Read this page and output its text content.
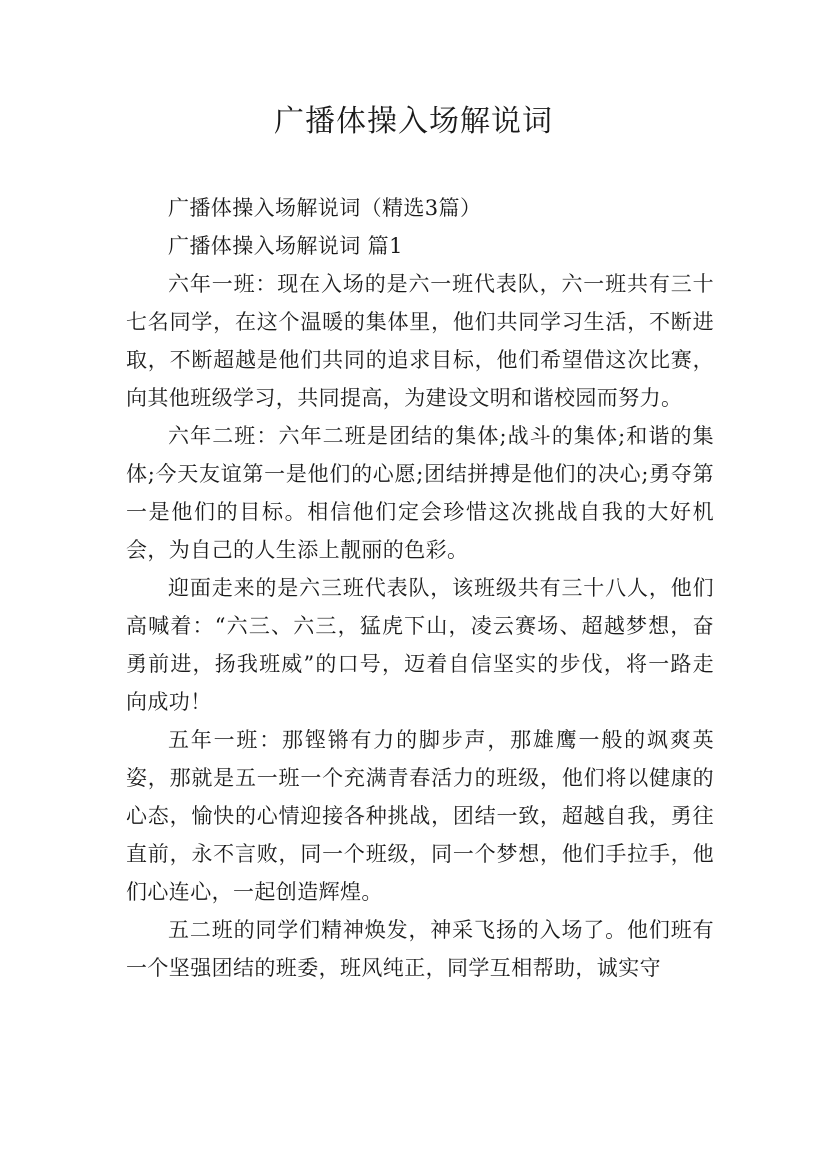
广播体操入场解说词

广播体操入场解说词（精选3篇）

广播体操入场解说词 篇1

六年一班：现在入场的是六一班代表队，六一班共有三十七名同学，在这个温暖的集体里，他们共同学习生活，不断进取，不断超越是他们共同的追求目标，他们希望借这次比赛，向其他班级学习，共同提高，为建设文明和谐校园而努力。

六年二班：六年二班是团结的集体;战斗的集体;和谐的集体;今天友谊第一是他们的心愿;团结拼搏是他们的决心;勇夺第一是他们的目标。相信他们定会珍惜这次挑战自我的大好机会，为自己的人生添上靓丽的色彩。

迎面走来的是六三班代表队，该班级共有三十八人，他们高喊着：“六三、六三，猛虎下山，凌云赛场、超越梦想，奋勇前进，扬我班威”的口号，迈着自信坚实的步伐，将一路走向成功！

五年一班：那铿锵有力的脚步声，那雄鹰一般的飒爽英姿，那就是五一班一个充满青春活力的班级，他们将以健康的心态，愉快的心情迎接各种挑战，团结一致，超越自我，勇往直前，永不言败，同一个班级，同一个梦想，他们手拉手，他们心连心，一起创造辉煌。

五二班的同学们精神焕发，神采飞扬的入场了。他们班有一个坚强团结的班委，班风纯正，同学互相帮助，诚实守
